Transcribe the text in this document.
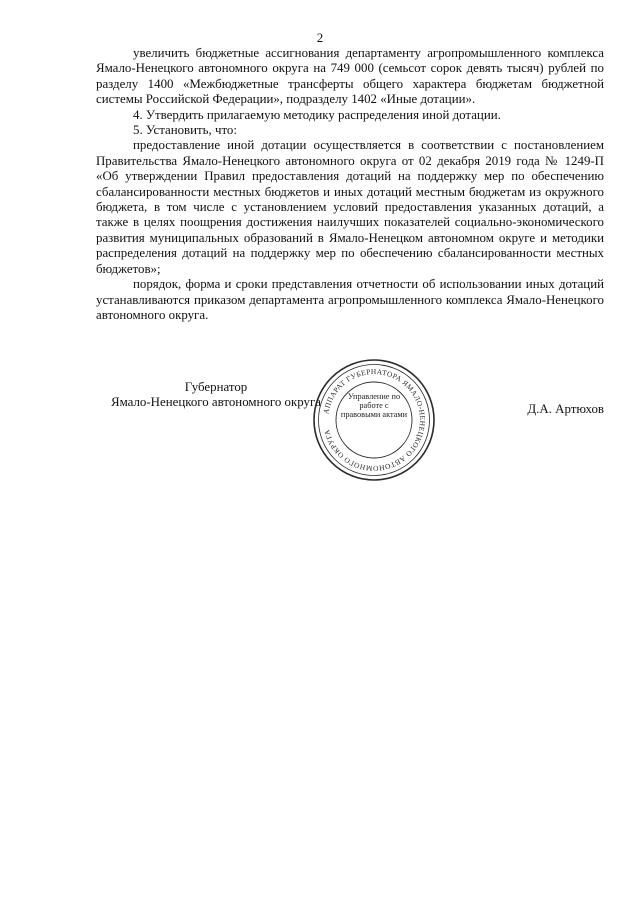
2

увеличить бюджетные ассигнования департаменту агропромышленного комплекса Ямало-Ненецкого автономного округа на 749 000 (семьсот сорок девять тысяч) рублей по разделу 1400 «Межбюджетные трансферты общего характера бюджетам бюджетной системы Российской Федерации», подразделу 1402 «Иные дотации».

4. Утвердить прилагаемую методику распределения иной дотации.

5. Установить, что:

предоставление иной дотации осуществляется в соответствии с постановлением Правительства Ямало-Ненецкого автономного округа от 02 декабря 2019 года № 1249-П «Об утверждении Правил предоставления дотаций на поддержку мер по обеспечению сбалансированности местных бюджетов и иных дотаций местным бюджетам из окружного бюджета, в том числе с установлением условий предоставления указанных дотаций, а также в целях поощрения достижения наилучших показателей социально-экономического развития муниципальных образований в Ямало-Ненецком автономном округе и методики распределения дотаций на поддержку мер по обеспечению сбалансированности местных бюджетов»;

порядок, форма и сроки представления отчетности об использовании иных дотаций устанавливаются приказом департамента агропромышленного комплекса Ямало-Ненецкого автономного округа.

Губернатор
Ямало-Ненецкого автономного округа	Д.А. Артюхов
АППАРАТ ГУБЕРНАТОРА ЯМАЛО-НЕНЕЦКОГО АВТОНОМНОГО ОКРУГА
Управление по работе с правовыми актами
